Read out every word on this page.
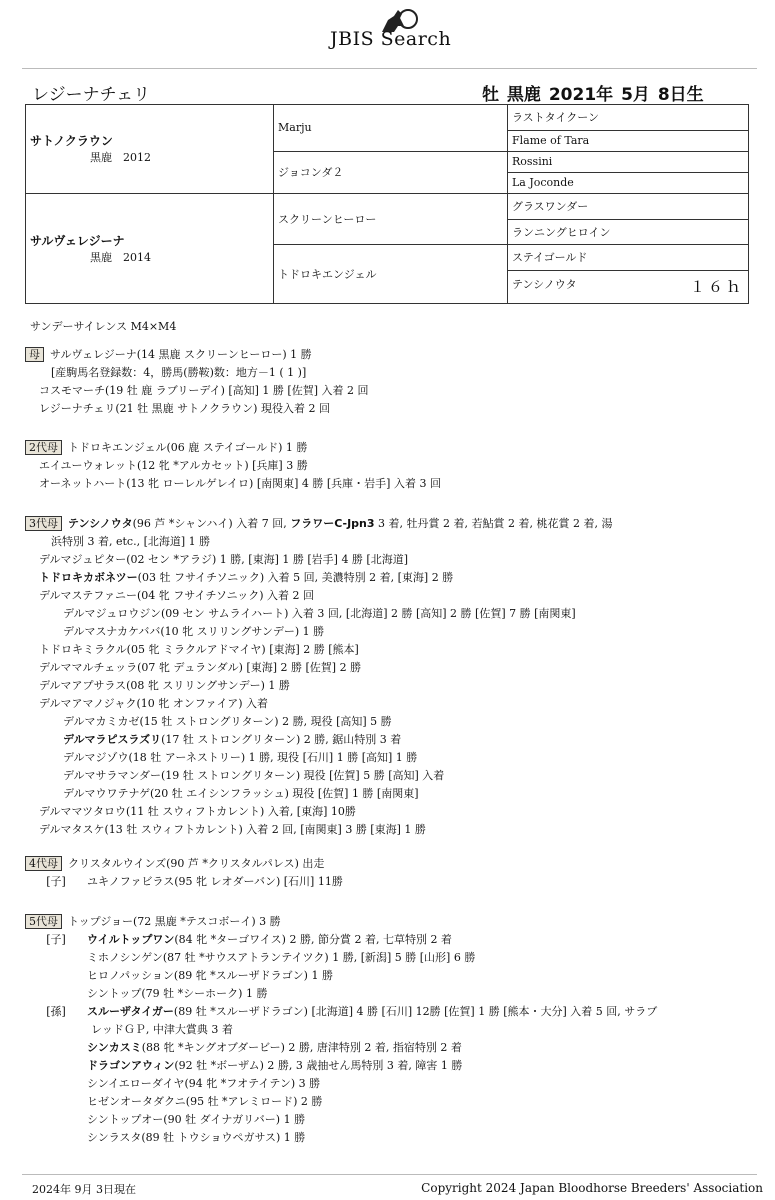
JBIS Search
レジーナチェリ	牡 黒鹿 2021年 5月 8日生
サトノクラウン
黒鹿　2012	Marju	ラストタイクーン
		Flame of Tara
	ジョコンダ２	Rossini
		La Joconde

サルヴェレジーナ
黒鹿　2014	スクリーンヒーロー	グラスワンダー
		ランニングヒロイン
	トドロキエンジェル	ステイゴールド
		テンシノウタ １６ｈ
サンデーサイレンス M4×M4
母 サルヴェレジーナ(14 黒鹿 スクリーンヒーロー) 1 勝
[産駒馬名登録数：4，勝馬(勝鞍)数：地方－1 ( 1 )]
コスモマーチ(19 牡 鹿 ラブリーデイ) [高知] 1 勝 [佐賀] 入着 2 回
レジーナチェリ(21 牡 黒鹿 サトノクラウン) 現役入着 2 回
2代母 トドロキエンジェル(06 鹿 ステイゴールド) 1 勝
エイユーウォレット(12 牝 *アルカセット) [兵庫] 3 勝
オーネットハート(13 牝 ローレルゲレイロ) [南関東] 4 勝 [兵庫・岩手] 入着 3 回
3代母 テンシノウタ(96 芦 *シャンハイ) 入着 7 回, フラワーC-Jpn3 3 着, 牡丹賞 2 着, 若鮎賞 2 着, 桃花賞 2 着, 湯
浜特別 3 着, etc., [北海道] 1 勝
デルマジュピター(02 セン *アラジ) 1 勝, [東海] 1 勝 [岩手] 4 勝 [北海道]
トドロキカボネツー(03 牡 フサイチソニック) 入着 5 回, 美濃特別 2 着, [東海] 2 勝
デルマステファニー(04 牝 フサイチソニック) 入着 2 回
デルマジュロウジン(09 セン サムライハート) 入着 3 回, [北海道] 2 勝 [高知] 2 勝 [佐賀] 7 勝 [南関東]
デルマスナカケババ(10 牝 スリリングサンデー) 1 勝
トドロキミラクル(05 牝 ミラクルアドマイヤ) [東海] 2 勝 [熊本]
デルママルチェッラ(07 牝 デュランダル) [東海] 2 勝 [佐賀] 2 勝
デルマアプサラス(08 牝 スリリングサンデー) 1 勝
デルマアマノジャク(10 牝 オンファイア) 入着
デルマカミカゼ(15 牡 ストロングリターン) 2 勝, 現役 [高知] 5 勝
デルマラピスラズリ(17 牡 ストロングリターン) 2 勝, 鋸山特別 3 着
デルマジゾウ(18 牡 アーネストリー) 1 勝, 現役 [石川] 1 勝 [高知] 1 勝
デルマサラマンダー(19 牡 ストロングリターン) 現役 [佐賀] 5 勝 [高知] 入着
デルマウワテナゲ(20 牡 エイシンフラッシュ) 現役 [佐賀] 1 勝 [南関東]
デルママツタロウ(11 牡 スウィフトカレント) 入着, [東海] 10勝
デルマタスケ(13 牡 スウィフトカレント) 入着 2 回, [南関東] 3 勝 [東海] 1 勝
4代母 クリスタルウインズ(90 芦 *クリスタルパレス) 出走
[子] ユキノファビラス(95 牝 レオダーバン) [石川] 11勝
5代母 トップジョー(72 黒鹿 *テスコボーイ) 3 勝
[子] ウイルトップワン(84 牝 *ターゴワイス) 2 勝, 節分賞 2 着, 七草特別 2 着
ミホノシンゲン(87 牡 *サウスアトランテイツク) 1 勝, [新潟] 5 勝 [山形] 6 勝
ヒロノパッション(89 牝 *スルーザドラゴン) 1 勝
シントップ(79 牡 *シーホーク) 1 勝
[孫] スルーザタイガー(89 牡 *スルーザドラゴン) [北海道] 4 勝 [石川] 12勝 [佐賀] 1 勝 [熊本・大分] 入着 5 回, サラブ
レッドＧＰ, 中津大賞典 3 着
シンカスミ(88 牝 *キングオブダービー) 2 勝, 唐津特別 2 着, 指宿特別 2 着
ドラゴンアウィン(92 牡 *ボーザム) 2 勝, 3 歳抽せん馬特別 3 着, 障害 1 勝
シンイエローダイヤ(94 牝 *フオテイテン) 3 勝
ヒゼンオータダクニ(95 牡 *アレミロード) 2 勝
シントップオー(90 牡 ダイナガリバー) 1 勝
シンラスタ(89 牡 トウショウペガサス) 1 勝
2024年 9月 3日現在	Copyright 2024 Japan Bloodhorse Breeders' Association
